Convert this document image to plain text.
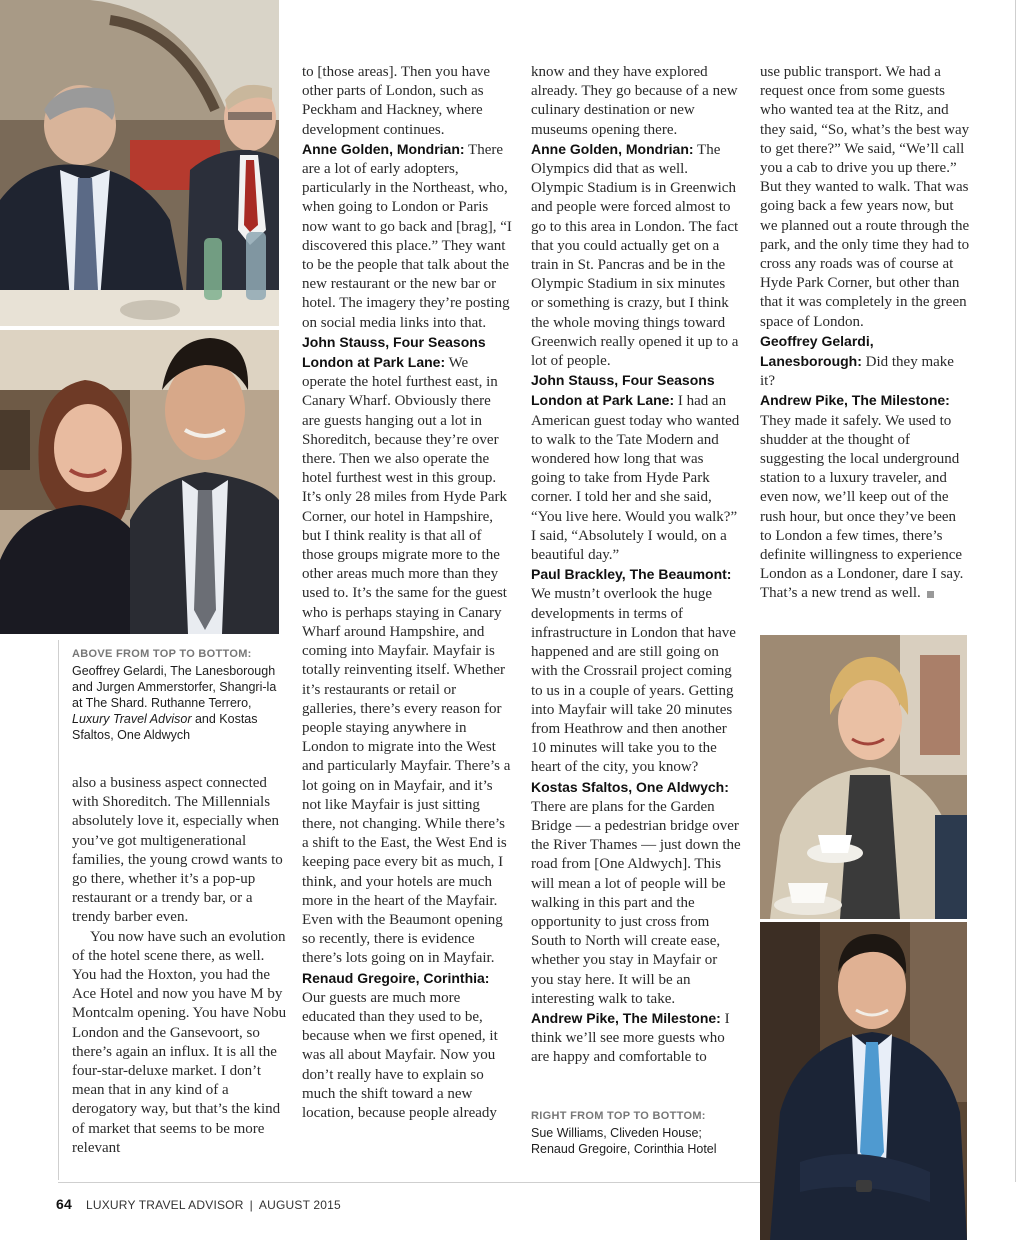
ABOVE FROM TOP TO BOTTOM:
Geoffrey Gelardi, The Lanesborough and Jurgen Ammerstorfer, Shangri-la at The Shard. Ruthanne Terrero, Luxury Travel Advisor and Kostas Sfaltos, One Aldwych

also a business aspect connected with Shoreditch. The Millennials absolutely love it, especially when you’ve got multigenerational families, the young crowd wants to go there, whether it’s a pop-up restaurant or a trendy bar, or a trendy barber even.

You now have such an evolution of the hotel scene there, as well. You had the Hoxton, you had the Ace Hotel and now you have M by Montcalm opening. You have Nobu London and the Gansevoort, so there’s again an influx. It is all the four-star-deluxe market. I don’t mean that in any kind of a derogatory way, but that’s the kind of market that seems to be more relevant

to [those areas]. Then you have other parts of London, such as Peckham and Hackney, where development continues.

Anne Golden, Mondrian: There are a lot of early adopters, particularly in the Northeast, who, when going to London or Paris now want to go back and [brag], “I discovered this place.” They want to be the people that talk about the new restaurant or the new bar or hotel. The imagery they’re posting on social media links into that.

John Stauss, Four Seasons London at Park Lane: We operate the hotel furthest east, in Canary Wharf. Obviously there are guests hanging out a lot in Shoreditch, because they’re over there. Then we also operate the hotel furthest west in this group. It’s only 28 miles from Hyde Park Corner, our hotel in Hampshire, but I think reality is that all of those groups migrate more to the other areas much more than they used to. It’s the same for the guest who is perhaps staying in Canary Wharf around Hampshire, and coming into Mayfair. Mayfair is totally reinventing itself. Whether it’s restaurants or retail or galleries, there’s every reason for people staying anywhere in London to migrate into the West and particularly Mayfair. There’s a lot going on in Mayfair, and it’s not like Mayfair is just sitting there, not changing. While there’s a shift to the East, the West End is keeping pace every bit as much, I think, and your hotels are much more in the heart of the Mayfair. Even with the Beaumont opening so recently, there is evidence there’s lots going on in Mayfair.

Renaud Gregoire, Corinthia: Our guests are much more educated than they used to be, because when we first opened, it was all about Mayfair. Now you don’t really have to explain so much the shift toward a new location, because people already

know and they have explored already. They go because of a new culinary destination or new museums opening there.

Anne Golden, Mondrian: The Olympics did that as well. Olympic Stadium is in Greenwich and people were forced almost to go to this area in London. The fact that you could actually get on a train in St. Pancras and be in the Olympic Stadium in six minutes or something is crazy, but I think the whole moving things toward Greenwich really opened it up to a lot of people.

John Stauss, Four Seasons London at Park Lane: I had an American guest today who wanted to walk to the Tate Modern and wondered how long that was going to take from Hyde Park corner. I told her and she said, “You live here. Would you walk?” I said, “Absolutely I would, on a beautiful day.”

Paul Brackley, The Beaumont: We mustn’t overlook the huge developments in terms of infrastructure in London that have happened and are still going on with the Crossrail project coming to us in a couple of years. Getting into Mayfair will take 20 minutes from Heathrow and then another 10 minutes will take you to the heart of the city, you know?

Kostas Sfaltos, One Aldwych: There are plans for the Garden Bridge — a pedestrian bridge over the River Thames — just down the road from [One Aldwych]. This will mean a lot of people will be walking in this part and the opportunity to just cross from South to North will create ease, whether you stay in Mayfair or you stay here. It will be an interesting walk to take.

Andrew Pike, The Milestone: I think we’ll see more guests who are happy and comfortable to

RIGHT FROM TOP TO BOTTOM:
Sue Williams, Cliveden House; Renaud Gregoire, Corinthia Hotel

use public transport. We had a request once from some guests who wanted tea at the Ritz, and they said, “So, what’s the best way to get there?” We said, “We’ll call you a cab to drive you up there.” But they wanted to walk. That was going back a few years now, but we planned out a route through the park, and the only time they had to cross any roads was of course at Hyde Park Corner, but other than that it was completely in the green space of London.

Geoffrey Gelardi, Lanesborough: Did they make it?

Andrew Pike, The Milestone: They made it safely. We used to shudder at the thought of suggesting the local underground station to a luxury traveler, and even now, we’ll keep out of the rush hour, but once they’ve been to London a few times, there’s definite willingness to experience London as a Londoner, dare I say. That’s a new trend as well.

64 LUXURY TRAVEL ADVISOR | AUGUST 2015
